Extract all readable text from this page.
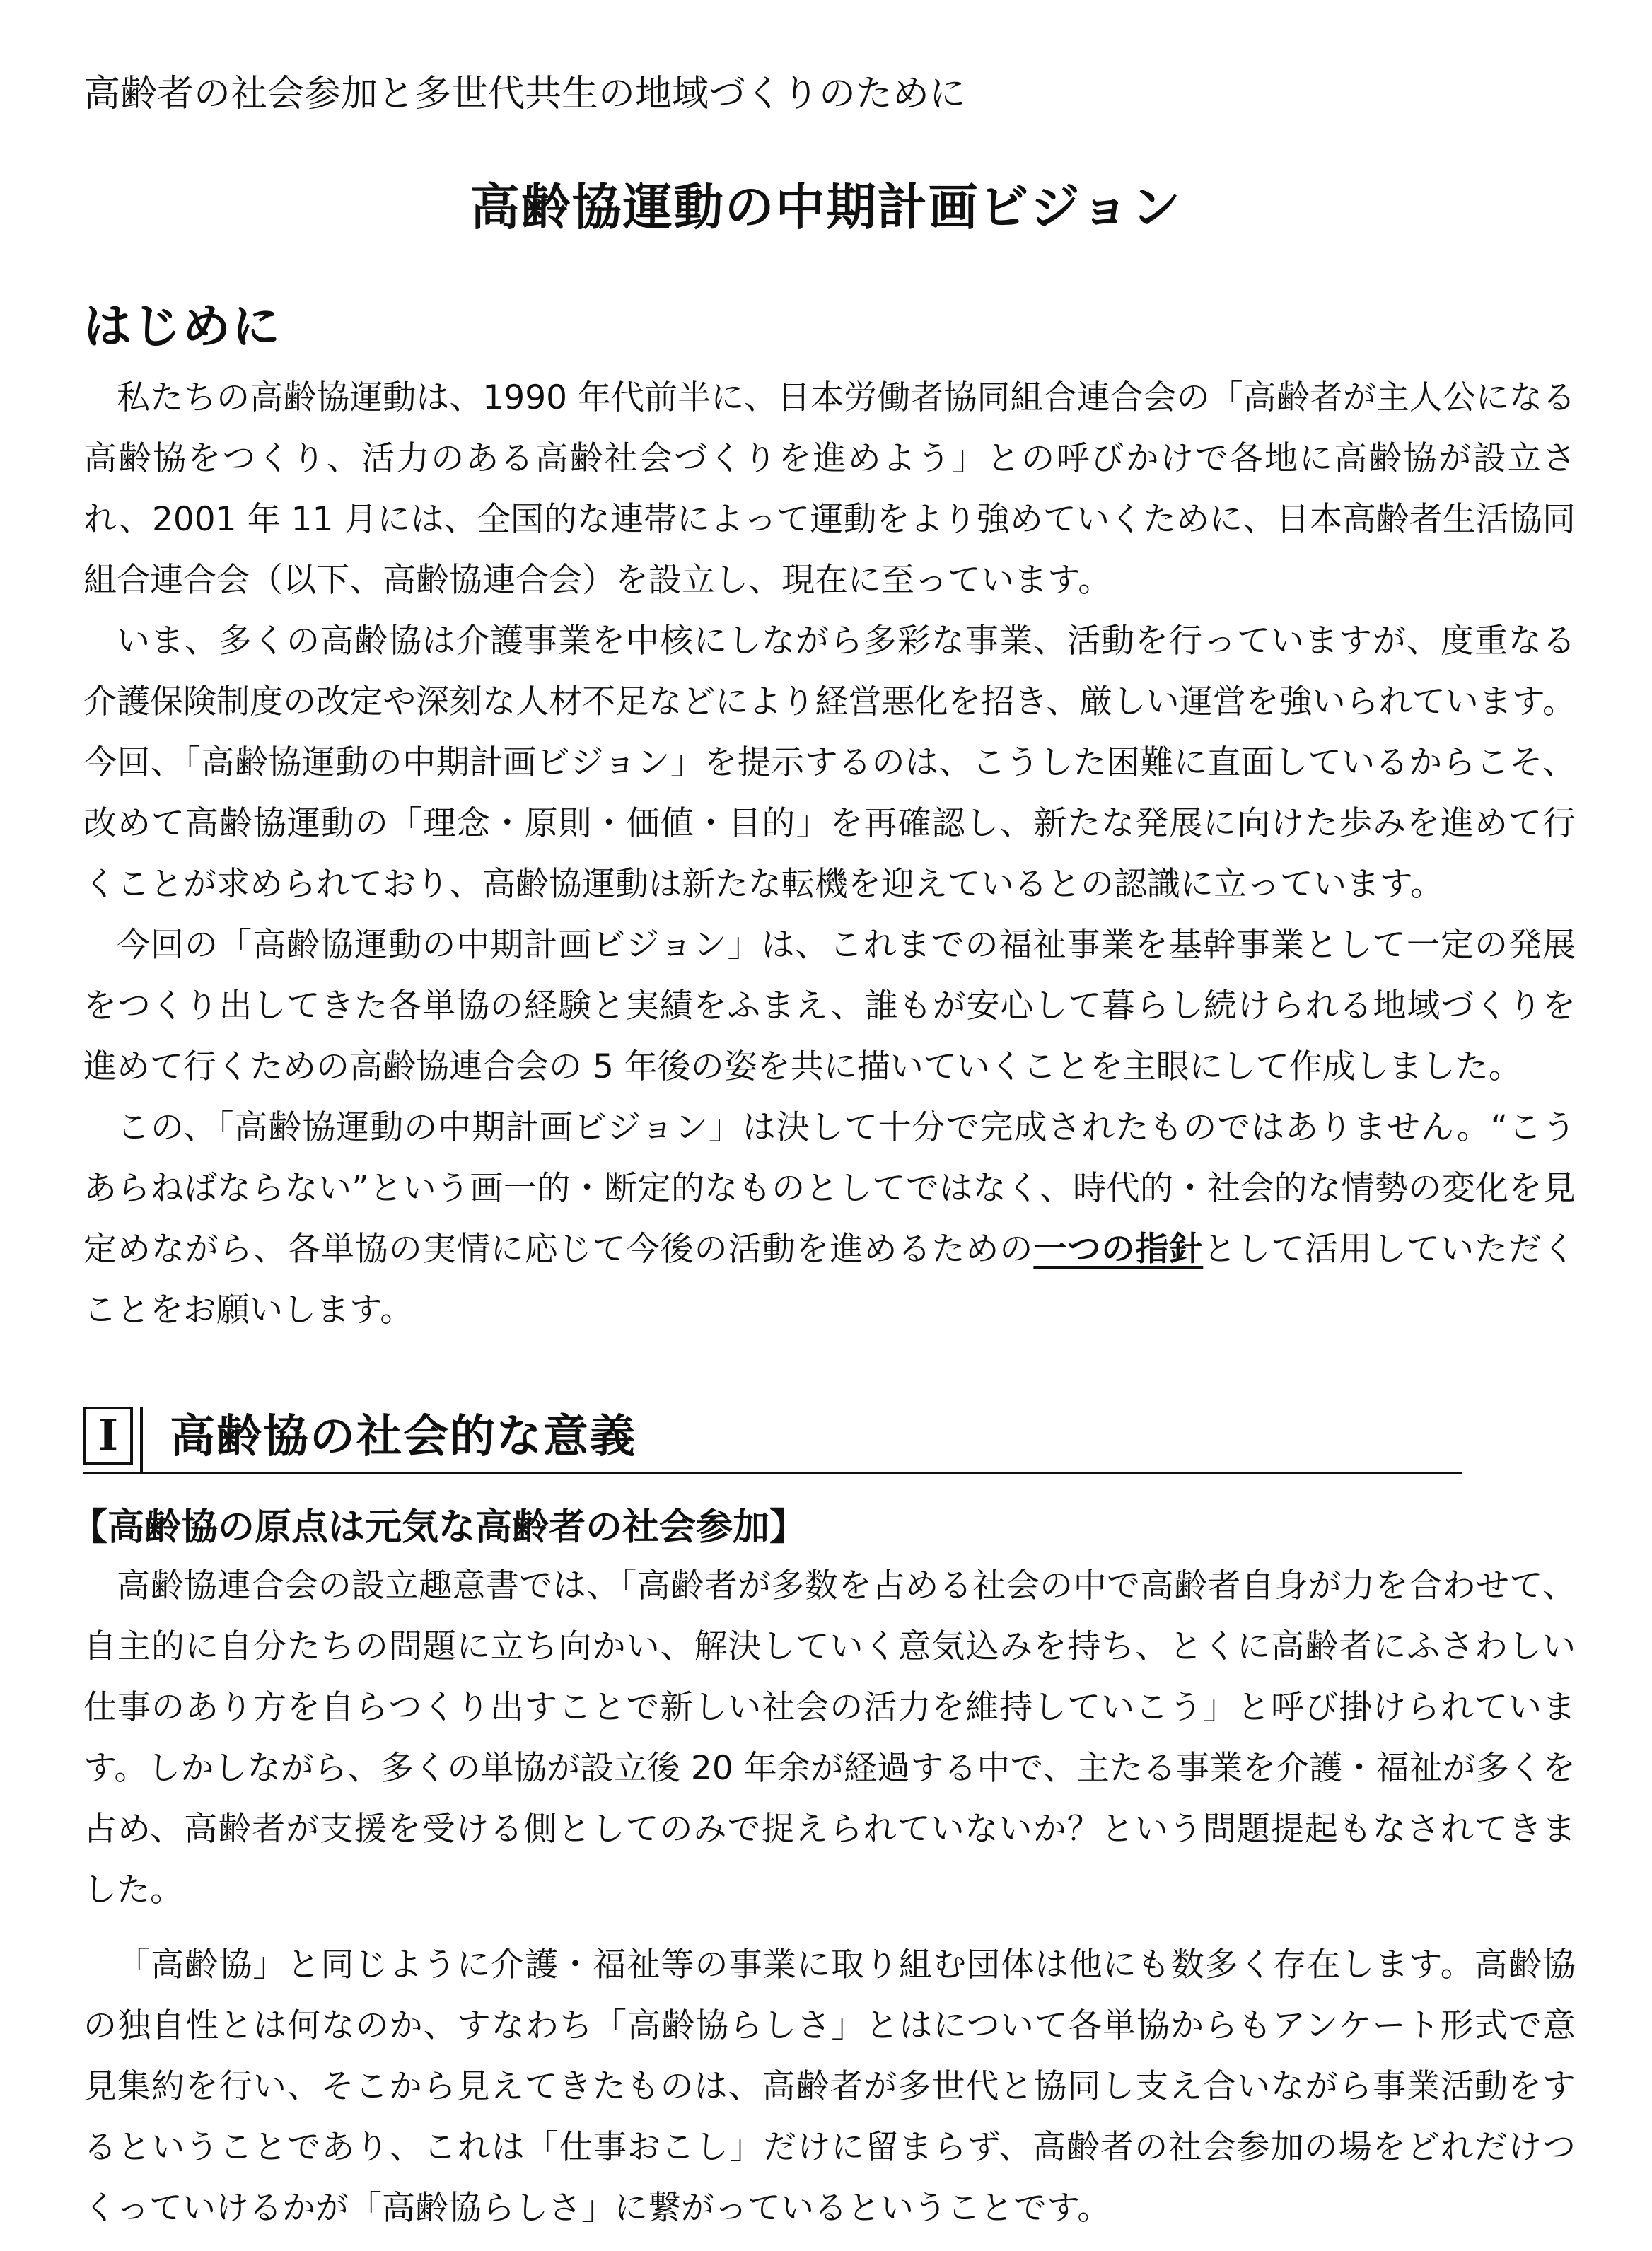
高齢者の社会参加と多世代共生の地域づくりのために
高齢協運動の中期計画ビジョン
はじめに

私たちの高齢協運動は、1990 年代前半に、日本労働者協同組合連合会の「高齢者が主人公になる高齢協をつくり、活力のある高齢社会づくりを進めよう」との呼びかけで各地に高齢協が設立され、2001 年 11 月には、全国的な連帯によって運動をより強めていくために、日本高齢者生活協同組合連合会（以下、高齢協連合会）を設立し、現在に至っています。

いま、多くの高齢協は介護事業を中核にしながら多彩な事業、活動を行っていますが、度重なる介護保険制度の改定や深刻な人材不足などにより経営悪化を招き、厳しい運営を強いられています。今回、「高齢協運動の中期計画ビジョン」を提示するのは、こうした困難に直面しているからこそ、改めて高齢協運動の「理念・原則・価値・目的」を再確認し、新たな発展に向けた歩みを進めて行くことが求められており、高齢協運動は新たな転機を迎えているとの認識に立っています。

今回の「高齢協運動の中期計画ビジョン」は、これまでの福祉事業を基幹事業として一定の発展をつくり出してきた各単協の経験と実績をふまえ、誰もが安心して暮らし続けられる地域づくりを進めて行くための高齢協連合会の 5 年後の姿を共に描いていくことを主眼にして作成しました。

この、「高齢協運動の中期計画ビジョン」は決して十分で完成されたものではありません。“こうあらねばならない”という画一的・断定的なものとしてではなく、時代的・社会的な情勢の変化を見定めながら、各単協の実情に応じて今後の活動を進めるための一つの指針として活用していただくことをお願いします。

I	高齢協の社会的な意義
【高齢協の原点は元気な高齢者の社会参加】

高齢協連合会の設立趣意書では、「高齢者が多数を占める社会の中で高齢者自身が力を合わせて、自主的に自分たちの問題に立ち向かい、解決していく意気込みを持ち、とくに高齢者にふさわしい仕事のあり方を自らつくり出すことで新しい社会の活力を維持していこう」と呼び掛けられています。しかしながら、多くの単協が設立後 20 年余が経過する中で、主たる事業を介護・福祉が多くを占め、高齢者が支援を受ける側としてのみで捉えられていないか？という問題提起もなされてきました。

「高齢協」と同じように介護・福祉等の事業に取り組む団体は他にも数多く存在します。高齢協の独自性とは何なのか、すなわち「高齢協らしさ」とはについて各単協からもアンケート形式で意見集約を行い、そこから見えてきたものは、高齢者が多世代と協同し支え合いながら事業活動をするということであり、これは「仕事おこし」だけに留まらず、高齢者の社会参加の場をどれだけつくっていけるかが「高齢協らしさ」に繋がっているということです。
